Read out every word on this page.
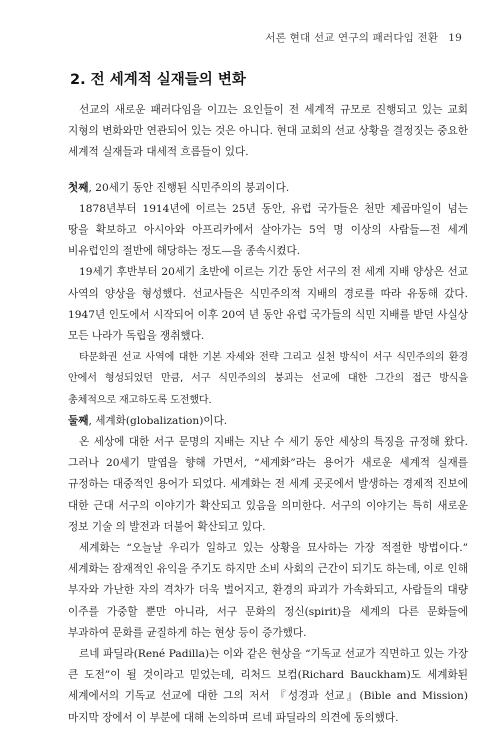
서론 현대 선교 연구의 패러다임 전환 19
2. 전 세계적 실재들의 변화

선교의 새로운 패러다임을 이끄는 요인들이 전 세계적 규모로 진행되고 있는 교회 지형의 변화와만 연관되어 있는 것은 아니다. 현대 교회의 선교 상황을 결정짓는 중요한 세계적 실재들과 대세적 흐름들이 있다.

첫째, 20세기 동안 진행된 식민주의의 붕괴이다.

1878년부터 1914년에 이르는 25년 동안, 유럽 국가들은 천만 제곱마일이 넘는 땅을 확보하고 아시아와 아프리카에서 살아가는 5억 명 이상의 사람들—전 세계 비유럽인의 절반에 해당하는 정도—을 종속시켰다.

19세기 후반부터 20세기 초반에 이르는 기간 동안 서구의 전 세계 지배 양상은 선교 사역의 양상을 형성했다. 선교사들은 식민주의적 지배의 경로를 따라 유동해 갔다. 1947년 인도에서 시작되어 이후 20여 년 동안 유럽 국가들의 식민 지배를 받던 사실상 모든 나라가 독립을 쟁취했다.

타문화권 선교 사역에 대한 기본 자세와 전략 그리고 실천 방식이 서구 식민주의의 환경 안에서 형성되었던 만큼, 서구 식민주의의 붕괴는 선교에 대한 그간의 접근 방식을 총체적으로 재고하도록 도전했다.

둘째, 세계화(globalization)이다.

온 세상에 대한 서구 문명의 지배는 지난 수 세기 동안 세상의 특징을 규정해 왔다. 그러나 20세기 말엽을 향해 가면서, “세계화”라는 용어가 새로운 세계적 실재를 규정하는 대중적인 용어가 되었다. 세계화는 전 세계 곳곳에서 발생하는 경제적 진보에 대한 근대 서구의 이야기가 확산되고 있음을 의미한다. 서구의 이야기는 특히 새로운 정보 기술 의 발전과 더불어 확산되고 있다.

세계화는 “오늘날 우리가 일하고 있는 상황을 묘사하는 가장 적절한 방법이다.” 세계화는 잠재적인 유익을 주기도 하지만 소비 사회의 근간이 되기도 하는데, 이로 인해 부자와 가난한 자의 격차가 더욱 벌어지고, 환경의 파괴가 가속화되고, 사람들의 대량 이주를 가중할 뿐만 아니라, 서구 문화의 정신(spirit)을 세계의 다른 문화들에 부과하여 문화를 균질하게 하는 현상 등이 증가했다.

르네 파딜라(René Padilla)는 이와 같은 현상을 “기독교 선교가 직면하고 있는 가장 큰 도전”이 될 것이라고 믿었는데, 리처드 보컴(Richard Bauckham)도 세계화된 세계에서의 기독교 선교에 대한 그의 저서 『성경과 선교』(Bible and Mission) 마지막 장에서 이 부분에 대해 논의하며 르네 파딜라의 의견에 동의했다.
